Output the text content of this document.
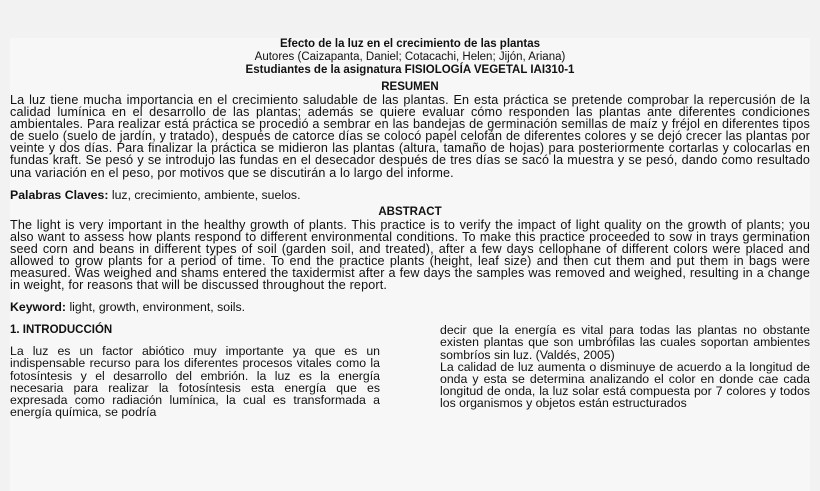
Efecto de la luz en el crecimiento de las plantas
Autores (Caizapanta, Daniel; Cotacachi, Helen; Jijón, Ariana)
Estudiantes de la asignatura FISIOLOGÍA VEGETAL IAI310-1
RESUMEN

La luz tiene mucha importancia en el crecimiento saludable de las plantas. En esta práctica se pretende comprobar la repercusión de la calidad lumínica en el desarrollo de las plantas; además se quiere evaluar cómo responden las plantas ante diferentes condiciones ambientales. Para realizar está práctica se procedió a sembrar en las bandejas de germinación semillas de maíz y fréjol en diferentes tipos de suelo (suelo de jardín, y tratado), después de catorce días se colocó papel celofán de diferentes colores y se dejó crecer las plantas por veinte y dos días. Para finalizar la práctica se midieron las plantas (altura, tamaño de hojas) para posteriormente cortarlas y colocarlas en fundas kraft. Se pesó y se introdujo las fundas en el desecador después de tres días se sacó la muestra y se pesó, dando como resultado una variación en el peso, por motivos que se discutirán a lo largo del informe.

Palabras Claves: luz, crecimiento, ambiente, suelos.
ABSTRACT

The light is very important in the healthy growth of plants. This practice is to verify the impact of light quality on the growth of plants; you also want to assess how plants respond to different environmental conditions. To make this practice proceeded to sow in trays germination seed corn and beans in different types of soil (garden soil, and treated), after a few days cellophane of different colors were placed and allowed to grow plants for a period of time. To end the practice plants (height, leaf size) and then cut them and put them in bags were measured. Was weighed and shams entered the taxidermist after a few days the samples was removed and weighed, resulting in a change in weight, for reasons that will be discussed throughout the report.

Keyword: light, growth, environment, soils.
1. INTRODUCCIÓN

La luz es un factor abiótico muy importante ya que es un indispensable recurso para los diferentes procesos vitales como la fotosíntesis y el desarrollo del embrión. la luz es la energía necesaria para realizar la fotosíntesis esta energía que es expresada como radiación lumínica, la cual es transformada a energía química, se podría

decir que la energía es vital para todas las plantas no obstante existen plantas que son umbrófilas las cuales soportan ambientes sombríos sin luz. (Valdés, 2005)

La calidad de luz aumenta o disminuye de acuerdo a la longitud de onda y esta se determina analizando el color en donde cae cada longitud de onda, la luz solar está compuesta por 7 colores y todos los organismos y objetos están estructurados
